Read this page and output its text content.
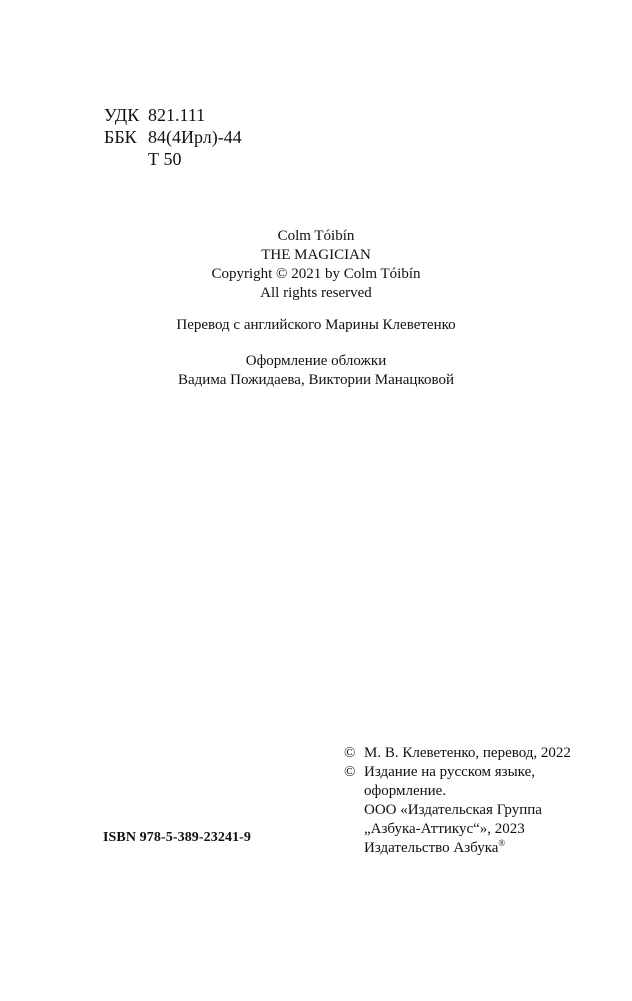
УДК 821.111
ББК 84(4Ирл)-44
Т 50
Colm Tóibín
THE MAGICIAN
Copyright © 2021 by Colm Tóibín
All rights reserved
Перевод с английского Марины Клеветенко
Оформление обложки
Вадима Пожидаева, Виктории Манацковой
© М. В. Клеветенко, перевод, 2022
© Издание на русском языке,
оформление.
ООО «Издательская Группа
„Азбука-Аттикус“», 2023
Издательство Азбука®
ISBN 978-5-389-23241-9
